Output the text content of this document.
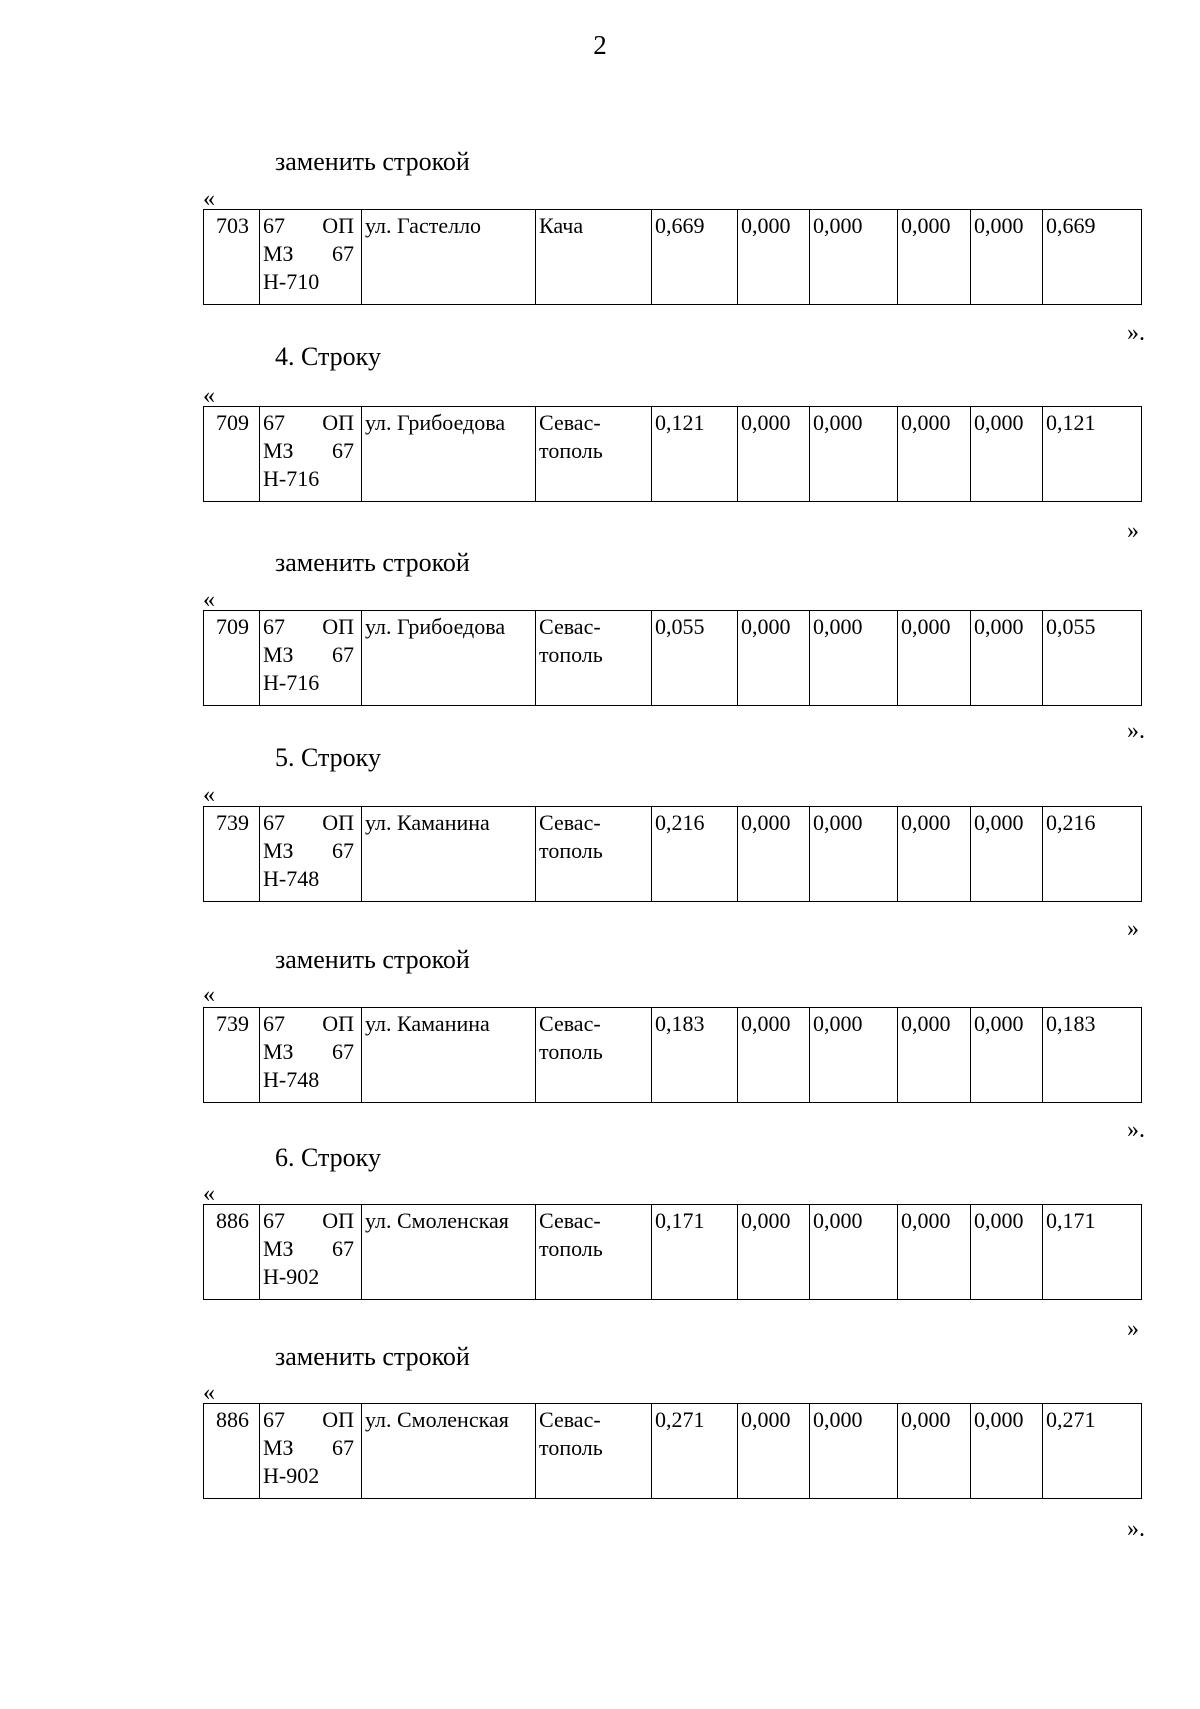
2
заменить строкой
«
703	67 ОП
МЗ 67
Н-710
	ул. Гастелло	Кача	0,669	0,000	0,000	0,000	0,000	0,669
».
4. Строку
«
709	67 ОП
МЗ 67
Н-716
	ул. Грибоедова	Севас-
тополь
	0,121	0,000	0,000	0,000	0,000	0,121
»
заменить строкой
«
709	67 ОП
МЗ 67
Н-716
	ул. Грибоедова	Севас-
тополь
	0,055	0,000	0,000	0,000	0,000	0,055
».
5. Строку
«
739	67 ОП
МЗ 67
Н-748
	ул. Каманина	Севас-
тополь
	0,216	0,000	0,000	0,000	0,000	0,216
»
заменить строкой
«
739	67 ОП
МЗ 67
Н-748
	ул. Каманина	Севас-
тополь
	0,183	0,000	0,000	0,000	0,000	0,183
».
6. Строку
«
886	67 ОП
МЗ 67
Н-902
	ул. Смоленская	Севас-
тополь
	0,171	0,000	0,000	0,000	0,000	0,171
»
заменить строкой
«
886	67 ОП
МЗ 67
Н-902
	ул. Смоленская	Севас-
тополь
	0,271	0,000	0,000	0,000	0,000	0,271
».
